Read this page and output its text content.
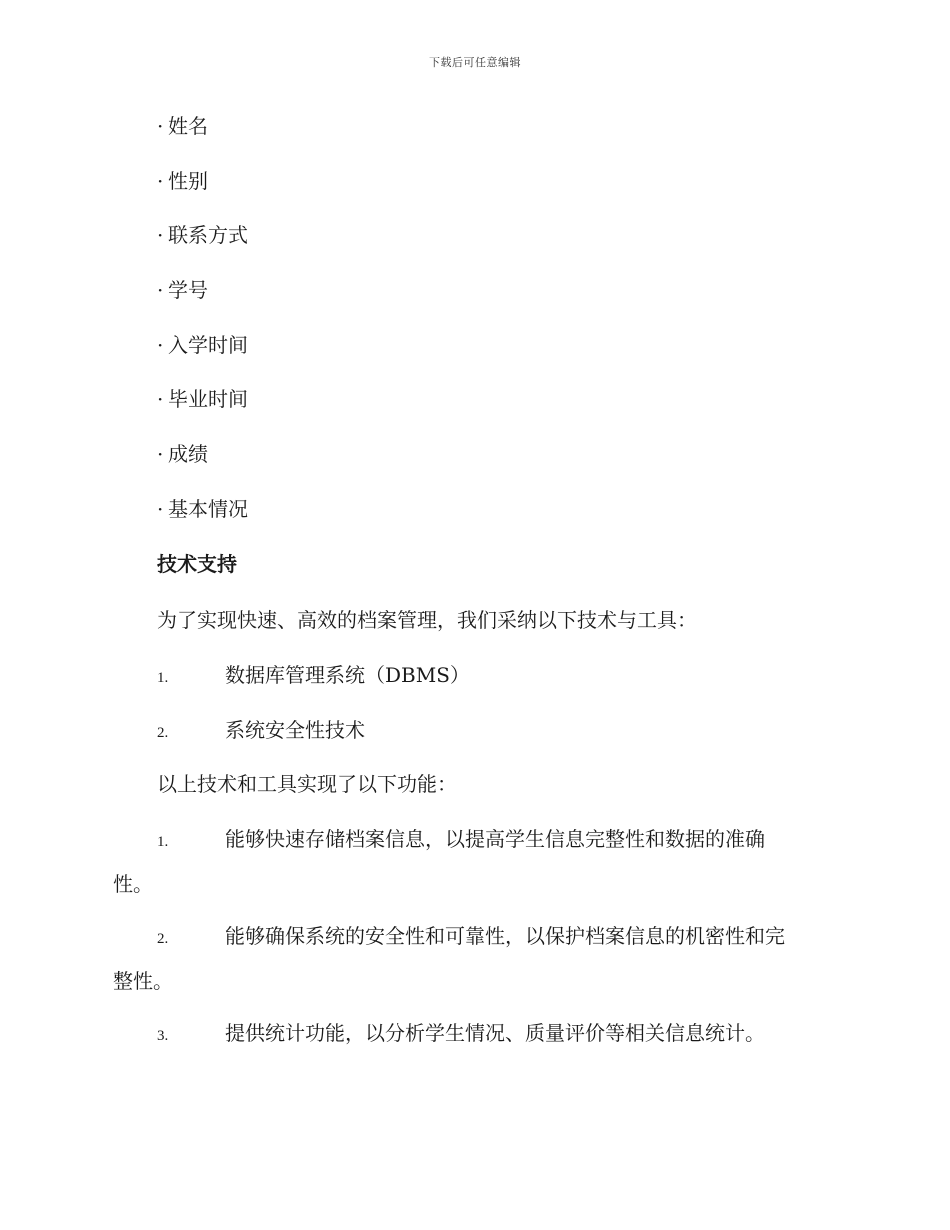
下载后可任意编辑
· 姓名
· 性别
· 联系方式
· 学号
· 入学时间
· 毕业时间
· 成绩
· 基本情况
技术支持
为了实现快速、高效的档案管理，我们采纳以下技术与工具：
1.	数据库管理系统（DBMS）
2.	系统安全性技术
以上技术和工具实现了以下功能：
1.	能够快速存储档案信息，以提高学生信息完整性和数据的准确
性。
2.	能够确保系统的安全性和可靠性，以保护档案信息的机密性和完
整性。
3.	提供统计功能，以分析学生情况、质量评价等相关信息统计。
